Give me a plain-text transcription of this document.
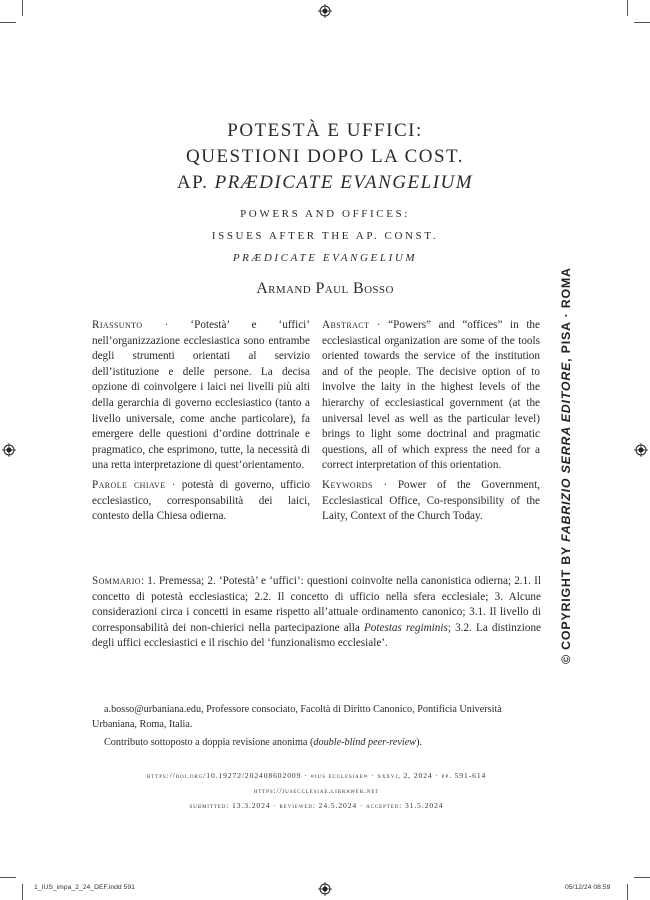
POTESTÀ E UFFICI:
QUESTIONI DOPO LA COST.
AP. PRÆDICATE EVANGELIUM
POWERS AND OFFICES:
ISSUES AFTER THE AP. CONST.
PRÆDICATE EVANGELIUM
Armand Paul Bosso

Riassunto · ‘Potestà’ e ‘uffici’ nell’organizzazione ecclesiastica sono entrambe degli strumenti orientati al servizio dell’istituzione e delle persone. La decisa opzione di coinvolgere i laici nei livelli più alti della gerarchia di governo ecclesiastico (tanto a livello universale, come anche particolare), fa emergere delle questioni d’ordine dottrinale e pragmatico, che esprimono, tutte, la necessità di una retta interpretazione di quest’orientamento.

Parole chiave · potestà di governo, ufficio ecclesiastico, corresponsabilità dei laici, contesto della Chiesa odierna.

Abstract · “Powers” and “offices” in the ecclesiastical organization are some of the tools oriented towards the service of the institution and of the people. The decisive option of to involve the laity in the highest levels of the hierarchy of ecclesiastical government (at the universal level as well as the particular level) brings to light some doctrinal and pragmatic questions, all of which express the need for a correct interpretation of this orientation.

Keywords · Power of the Government, Ecclesiastical Office, Co-responsibility of the Laity, Context of the Church Today.

Sommario: 1. Premessa; 2. ‘Potestà’ e ‘uffici’: questioni coinvolte nella canonistica odierna; 2.1. Il concetto di potestà ecclesiastica; 2.2. Il concetto di ufficio nella sfera ecclesiale; 3. Alcune considerazioni circa i concetti in esame rispetto all’attuale ordinamento canonico; 3.1. Il livello di corresponsabilità dei non-chierici nella partecipazione alla Potestas regiminis; 3.2. La distinzione degli uffici ecclesiastici e il rischio del ‘funzionalismo ecclesiale’.

a.bosso@urbaniana.edu, Professore consociato, Facoltà di Diritto Canonico, Pontificia Università Urbaniana, Roma, Italia.

Contributo sottoposto a doppia revisione anonima (double-blind peer-review).

https://doi.org/10.19272/202408602009 · «ius ecclesiae» · xxxvi, 2, 2024 · pp. 591-614
https://iusecclesiae.libraweb.net
submitted: 13.3.2024 · reviewed: 24.5.2024 · accepted: 31.5.2024
© COPYRIGHT BY FABRIZIO SERRA EDITORE, PISA · ROMA
1_IUS_impa_2_24_DEF.indd 591	05/12/24 08:59
